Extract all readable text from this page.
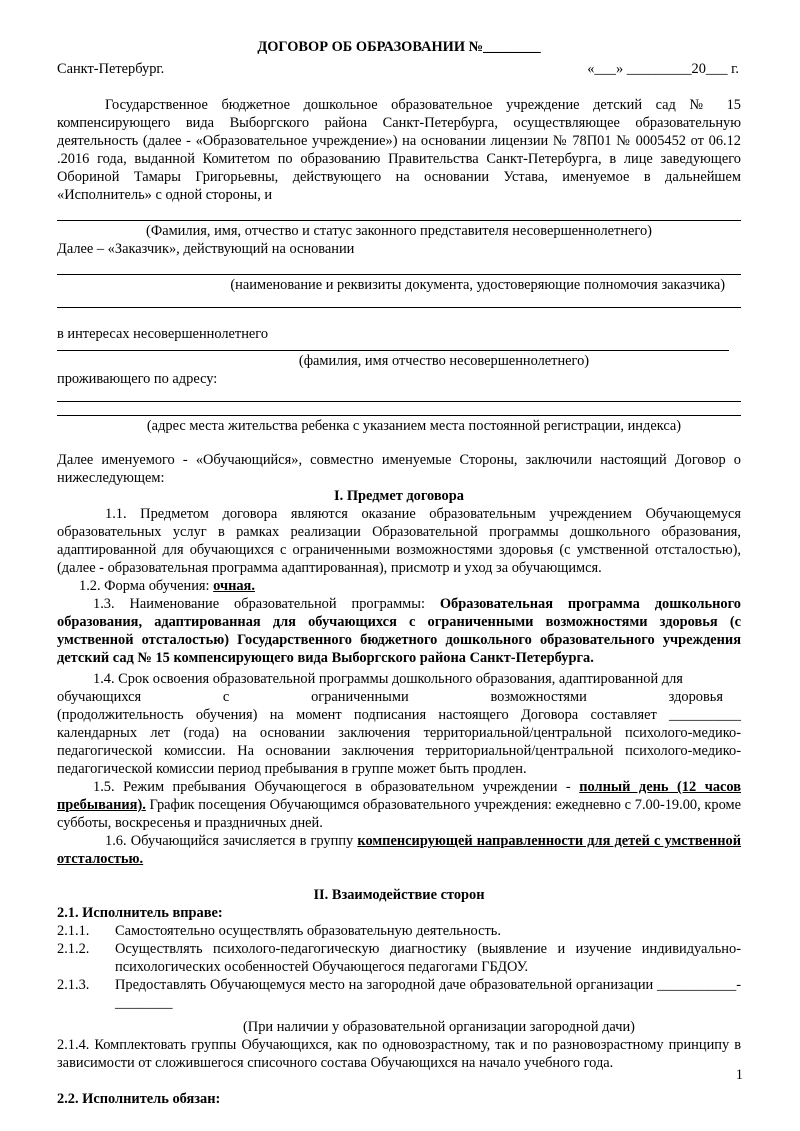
ДОГОВОР ОБ ОБРАЗОВАНИИ №________
Санкт-Петербург.	«___» _________20___ г.

Государственное бюджетное дошкольное образовательное учреждение детский сад № 15 компенсирующего вида Выборгского района Санкт-Петербурга, осуществляющее образовательную деятельность (далее - «Образовательное учреждение») на основании лицензии № 78П01 № 0005452 от 06.12 .2016 года, выданной Комитетом по образованию Правительства Санкт-Петербурга, в лице заведующего Обориной Тамары Григорьевны, действующего на основании Устава, именуемое в дальнейшем «Исполнитель» с одной стороны, и

(Фамилия, имя, отчество и статус законного представителя несовершеннолетнего)
Далее – «Заказчик», действующий на основании
(наименование и реквизиты документа, удостоверяющие полномочия заказчика)
в интересах несовершеннолетнего
(фамилия, имя отчество несовершеннолетнего)
проживающего по адресу:
(адрес места жительства ребенка с указанием места постоянной регистрации, индекса)

Далее именуемого - «Обучающийся», совместно именуемые Стороны, заключили настоящий Договор о нижеследующем:

I. Предмет договора

1.1. Предметом договора являются оказание образовательным учреждением Обучающемуся образовательных услуг в рамках реализации Образовательной программы дошкольного образования, адаптированной для обучающихся с ограниченными возможностями здоровья (с умственной отсталостью), (далее - образовательная программа адаптированная), присмотр и уход за обучающимся.

1.2. Форма обучения: очная.

1.3. Наименование образовательной программы: Образовательная программа дошкольного образования, адаптированная для обучающихся с ограниченными возможностями здоровья (с умственной отсталостью) Государственного бюджетного дошкольного образовательного учреждения детский сад № 15 компенсирующего вида Выборгского района Санкт-Петербурга.

1.4. Срок освоения образовательной программы дошкольного образования, адаптированной для
обучающихся	с	ограниченными	возможностями	здоровья

(продолжительность обучения) на момент подписания настоящего Договора составляет __________ календарных лет (года) на основании заключения территориальной/центральной психолого-медико-педагогической комиссии. На основании заключения территориальной/центральной психолого-медико-педагогической комиссии период пребывания в группе может быть продлен.

1.5. Режим пребывания Обучающегося в образовательном учреждении - полный день (12 часов пребывания). График посещения Обучающимся образовательного учреждения: ежедневно с 7.00-19.00, кроме субботы, воскресенья и праздничных дней.

1.6. Обучающийся зачисляется в группу компенсирующей направленности для детей с умственной отсталостью.

II. Взаимодействие сторон
2.1. Исполнитель вправе:
2.1.1.	Самостоятельно осуществлять образовательную деятельность.
2.1.2.	Осуществлять психолого-педагогическую диагностику (выявление и изучение индивидуально-психологических особенностей Обучающегося педагогами ГБДОУ.
2.1.3.	Предоставлять Обучающемуся место на загородной даче образовательной организации ___________-________
(При наличии у образовательной организации загородной дачи)

2.1.4. Комплектовать группы Обучающихся, как по одновозрастному, так и по разновозрастному принципу в зависимости от сложившегося списочного состава Обучающихся на начало учебного года.

2.2. Исполнитель обязан:
1
